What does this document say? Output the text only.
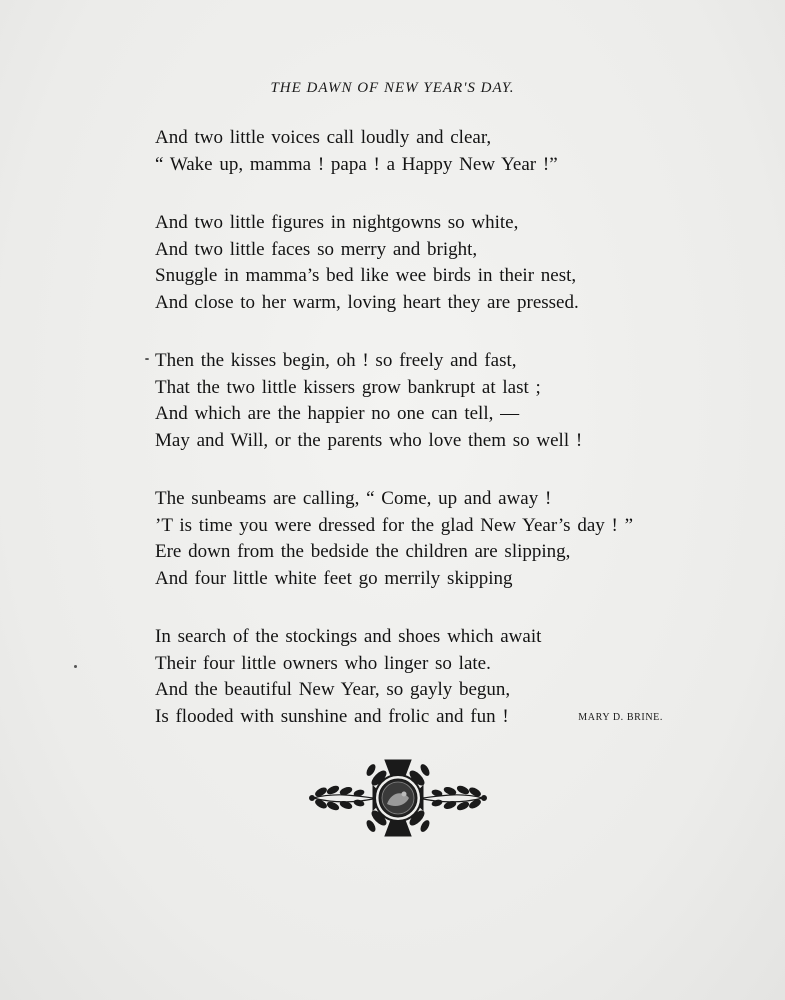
THE DAWN OF NEW YEAR'S DAY.
And two little voices call loudly and clear,
“ Wake up, mamma ! papa ! a Happy New Year !”
And two little figures in nightgowns so white,
And two little faces so merry and bright,
Snuggle in mamma’s bed like wee birds in their nest,
And close to her warm, loving heart they are pressed.
Then the kisses begin, oh ! so freely and fast,
That the two little kissers grow bankrupt at last ;
And which are the happier no one can tell, —
May and Will, or the parents who love them so well !
The sunbeams are calling, “ Come, up and away !
’T is time you were dressed for the glad New Year’s day ! ”
Ere down from the bedside the children are slipping,
And four little white feet go merrily skipping
In search of the stockings and shoes which await
Their four little owners who linger so late.
And the beautiful New Year, so gayly begun,
Is flooded with sunshine and frolic and fun !	MARY D. BRINE.
